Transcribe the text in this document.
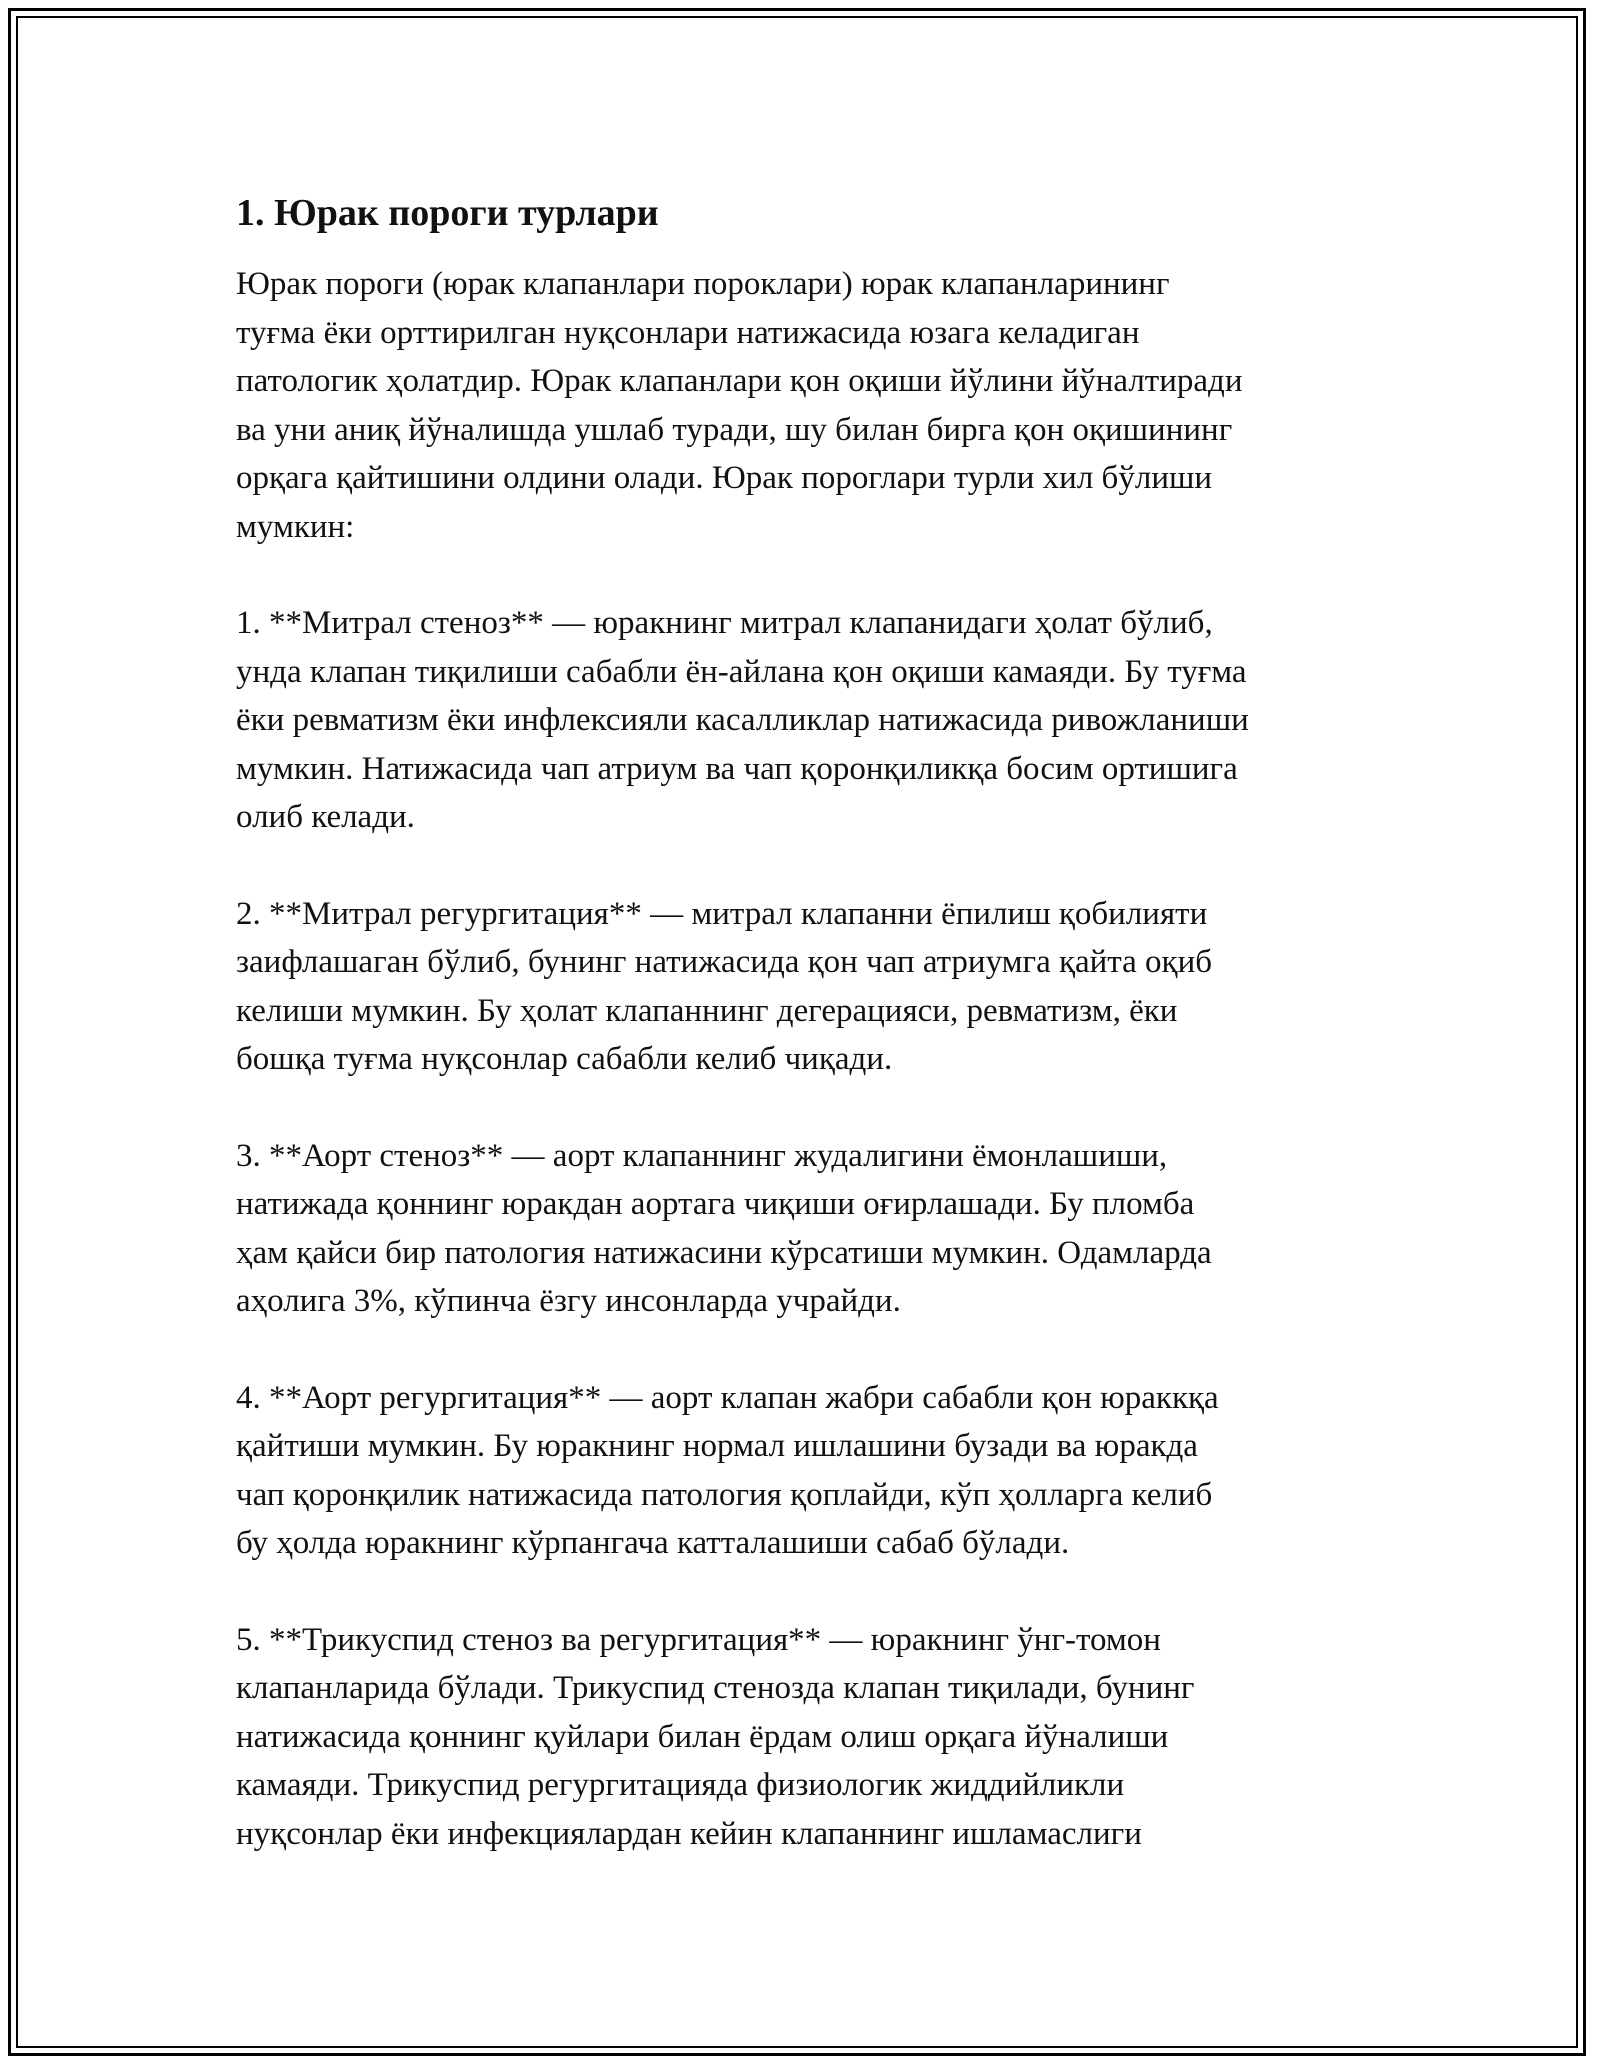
1. Юрак пороги турлари

Юрак пороги (юрак клапанлари пороклари) юрак клапанларининг
туғма ёки орттирилган нуқсонлари натижасида юзага келадиган
патологик ҳолатдир. Юрак клапанлари қон оқиши йўлини йўналтиради
ва уни аниқ йўналишда ушлаб туради, шу билан бирга қон оқишининг
орқага қайтишини олдини олади. Юрак пороглари турли хил бўлиши
мумкин:

1. **Митрал стеноз** — юракнинг митрал клапанидаги ҳолат бўлиб,
унда клапан тиқилиши сабабли ён-айлана қон оқиши камаяди. Бу туғма
ёки ревматизм ёки инфлексияли касалликлар натижасида ривожланиши
мумкин. Натижасида чап атриум ва чап қоронқиликқа босим ортишига
олиб келади.

2. **Митрал регургитация** — митрал клапанни ёпилиш қобилияти
заифлашаган бўлиб, бунинг натижасида қон чап атриумга қайта оқиб
келиши мумкин. Бу ҳолат клапаннинг дегерацияси, ревматизм, ёки
бошқа туғма нуқсонлар сабабли келиб чиқади.

3. **Аорт стеноз** — аорт клапаннинг жудалигини ёмонлашиши,
натижада қоннинг юракдан аортага чиқиши оғирлашади. Бу пломба
ҳам қайси бир патология натижасини кўрсатиши мумкин. Одамларда
аҳолига 3%, кўпинча ёзгу инсонларда учрайди.

4. **Аорт регургитация** — аорт клапан жабри сабабли қон юраккқа
қайтиши мумкин. Бу юракнинг нормал ишлашини бузади ва юракда
чап қоронқилик натижасида патология қоплайди, кўп ҳолларга келиб
бу ҳолда юракнинг кўрпангача катталашиши сабаб бўлади.

5. **Трикуспид стеноз ва регургитация** — юракнинг ўнг-томон
клапанларида бўлади. Трикуспид стенозда клапан тиқилади, бунинг
натижасида қоннинг қуйлари билан ёрдам олиш орқага йўналиши
камаяди. Трикуспид регургитацияда физиологик жиддийликли
нуқсонлар ёки инфекциялардан кейин клапаннинг ишламаслиги
